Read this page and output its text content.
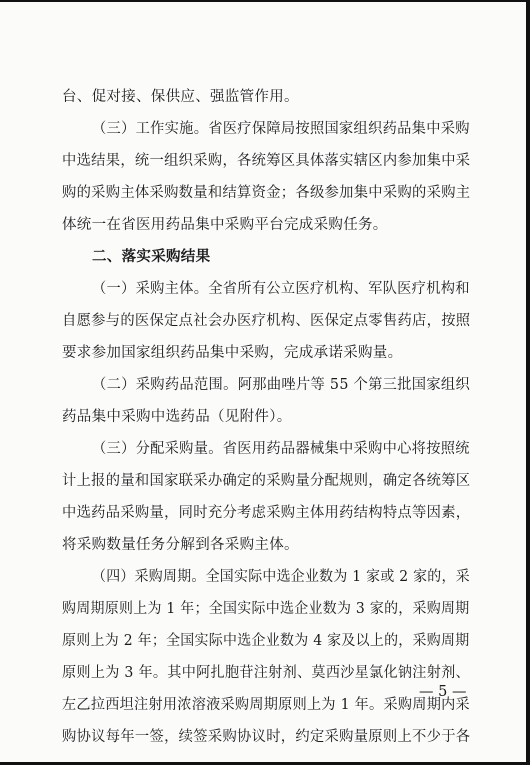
台、促对接、保供应、强监管作用。
（三）工作实施。省医疗保障局按照国家组织药品集中采购
中选结果，统一组织采购，各统筹区具体落实辖区内参加集中采
购的采购主体采购数量和结算资金；各级参加集中采购的采购主
体统一在省医用药品集中采购平台完成采购任务。
二、落实采购结果
（一）采购主体。全省所有公立医疗机构、军队医疗机构和
自愿参与的医保定点社会办医疗机构、医保定点零售药店，按照
要求参加国家组织药品集中采购，完成承诺采购量。
（二）采购药品范围。阿那曲唑片等 55 个第三批国家组织
药品集中采购中选药品（见附件）。
（三）分配采购量。省医用药品器械集中采购中心将按照统
计上报的量和国家联采办确定的采购量分配规则，确定各统筹区
中选药品采购量，同时充分考虑采购主体用药结构特点等因素，
将采购数量任务分解到各采购主体。
（四）采购周期。全国实际中选企业数为 1 家或 2 家的，采
购周期原则上为 1 年；全国实际中选企业数为 3 家的，采购周期
原则上为 2 年；全国实际中选企业数为 4 家及以上的，采购周期
原则上为 3 年。其中阿扎胞苷注射剂、莫西沙星氯化钠注射剂、
左乙拉西坦注射用浓溶液采购周期原则上为 1 年。采购周期内采
购协议每年一签，续签采购协议时，约定采购量原则上不少于各
— 5 —
